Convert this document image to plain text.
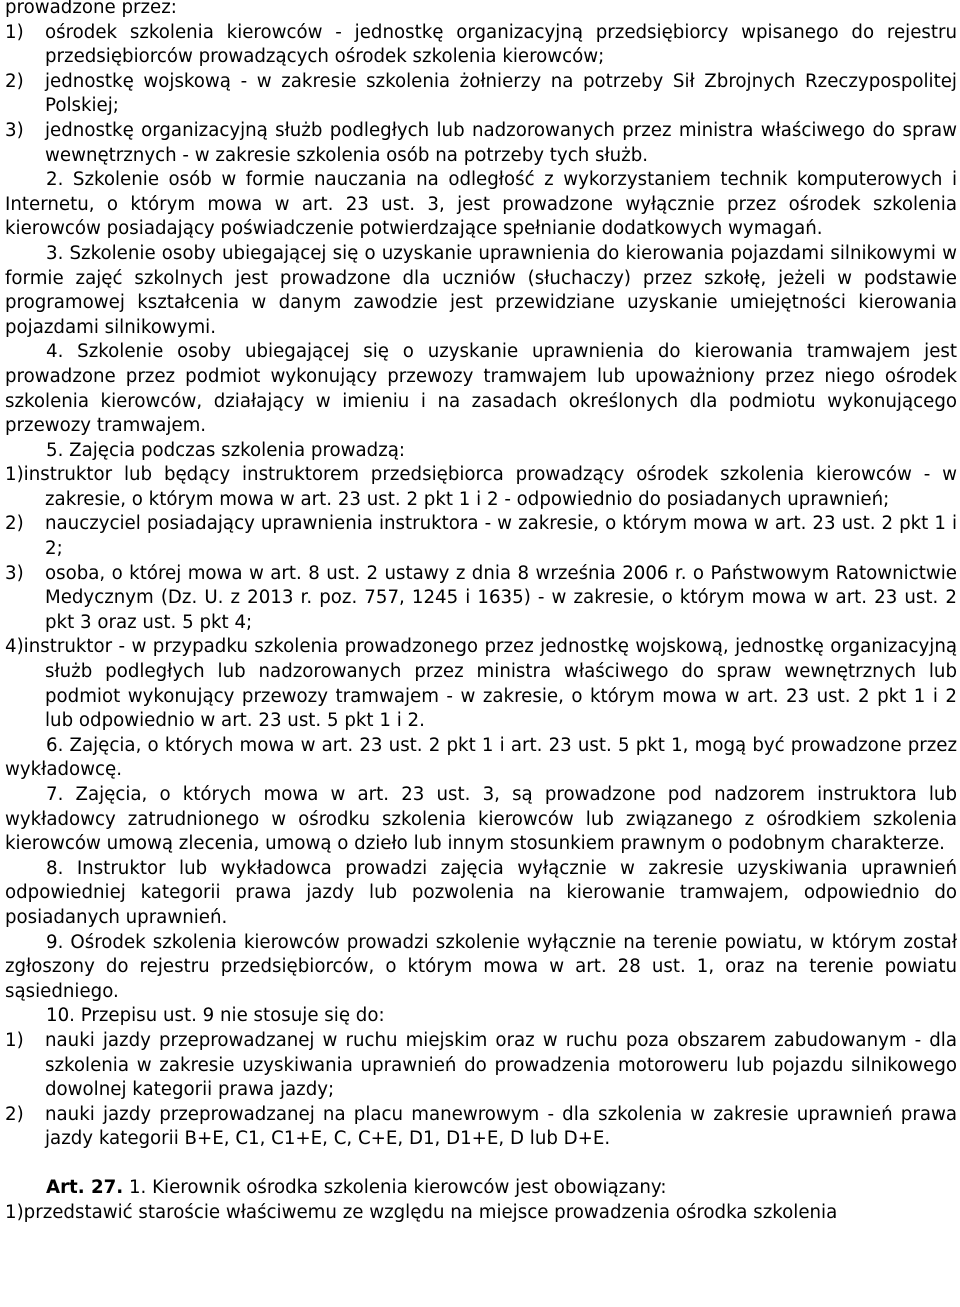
prowadzone przez:

1)	ośrodek szkolenia kierowców - jednostkę organizacyjną przedsiębiorcy wpisanego do rejestru przedsiębiorców prowadzących ośrodek szkolenia kierowców;
2)	jednostkę wojskową - w zakresie szkolenia żołnierzy na potrzeby Sił Zbrojnych Rzeczypospolitej Polskiej;
3)	jednostkę organizacyjną służb podległych lub nadzorowanych przez ministra właściwego do spraw wewnętrznych - w zakresie szkolenia osób na potrzeby tych służb.

2. Szkolenie osób w formie nauczania na odległość z wykorzystaniem technik komputerowych i Internetu, o którym mowa w art. 23 ust. 3, jest prowadzone wyłącznie przez ośrodek szkolenia kierowców posiadający poświadczenie potwierdzające spełnianie dodatkowych wymagań.

3. Szkolenie osoby ubiegającej się o uzyskanie uprawnienia do kierowania pojazdami silnikowymi w formie zajęć szkolnych jest prowadzone dla uczniów (słuchaczy) przez szkołę, jeżeli w podstawie programowej kształcenia w danym zawodzie jest przewidziane uzyskanie umiejętności kierowania pojazdami silnikowymi.

4. Szkolenie osoby ubiegającej się o uzyskanie uprawnienia do kierowania tramwajem jest prowadzone przez podmiot wykonujący przewozy tramwajem lub upoważniony przez niego ośrodek szkolenia kierowców, działający w imieniu i na zasadach określonych dla podmiotu wykonującego przewozy tramwajem.

5. Zajęcia podczas szkolenia prowadzą:

1)instruktor lub będący instruktorem przedsiębiorca prowadzący ośrodek szkolenia kierowców - w zakresie, o którym mowa w art. 23 ust. 2 pkt 1 i 2 - odpowiednio do posiadanych uprawnień;

2)	nauczyciel posiadający uprawnienia instruktora - w zakresie, o którym mowa w art. 23 ust. 2 pkt 1 i 2;
3)	osoba, o której mowa w art. 8 ust. 2 ustawy z dnia 8 września 2006 r. o Państwowym Ratownictwie Medycznym (Dz. U. z 2013 r. poz. 757, 1245 i 1635) - w zakresie, o którym mowa w art. 23 ust. 2 pkt 3 oraz ust. 5 pkt 4;

4)instruktor - w przypadku szkolenia prowadzonego przez jednostkę wojskową, jednostkę organizacyjną służb podległych lub nadzorowanych przez ministra właściwego do spraw wewnętrznych lub podmiot wykonujący przewozy tramwajem - w zakresie, o którym mowa w art. 23 ust. 2 pkt 1 i 2 lub odpowiednio w art. 23 ust. 5 pkt 1 i 2.

6. Zajęcia, o których mowa w art. 23 ust. 2 pkt 1 i art. 23 ust. 5 pkt 1, mogą być prowadzone przez wykładowcę.

7. Zajęcia, o których mowa w art. 23 ust. 3, są prowadzone pod nadzorem instruktora lub wykładowcy zatrudnionego w ośrodku szkolenia kierowców lub związanego z ośrodkiem szkolenia kierowców umową zlecenia, umową o dzieło lub innym stosunkiem prawnym o podobnym charakterze.

8. Instruktor lub wykładowca prowadzi zajęcia wyłącznie w zakresie uzyskiwania uprawnień odpowiedniej kategorii prawa jazdy lub pozwolenia na kierowanie tramwajem, odpowiednio do posiadanych uprawnień.

9. Ośrodek szkolenia kierowców prowadzi szkolenie wyłącznie na terenie powiatu, w którym został zgłoszony do rejestru przedsiębiorców, o którym mowa w art. 28 ust. 1, oraz na terenie powiatu sąsiedniego.

10. Przepisu ust. 9 nie stosuje się do:

1)	nauki jazdy przeprowadzanej w ruchu miejskim oraz w ruchu poza obszarem zabudowanym - dla szkolenia w zakresie uzyskiwania uprawnień do prowadzenia motoroweru lub pojazdu silnikowego dowolnej kategorii prawa jazdy;
2)	nauki jazdy przeprowadzanej na placu manewrowym - dla szkolenia w zakresie uprawnień prawa jazdy kategorii B+E, C1, C1+E, C, C+E, D1, D1+E, D lub D+E.

Art. 27. 1. Kierownik ośrodka szkolenia kierowców jest obowiązany:

1)przedstawić staroście właściwemu ze względu na miejsce prowadzenia ośrodka szkolenia
